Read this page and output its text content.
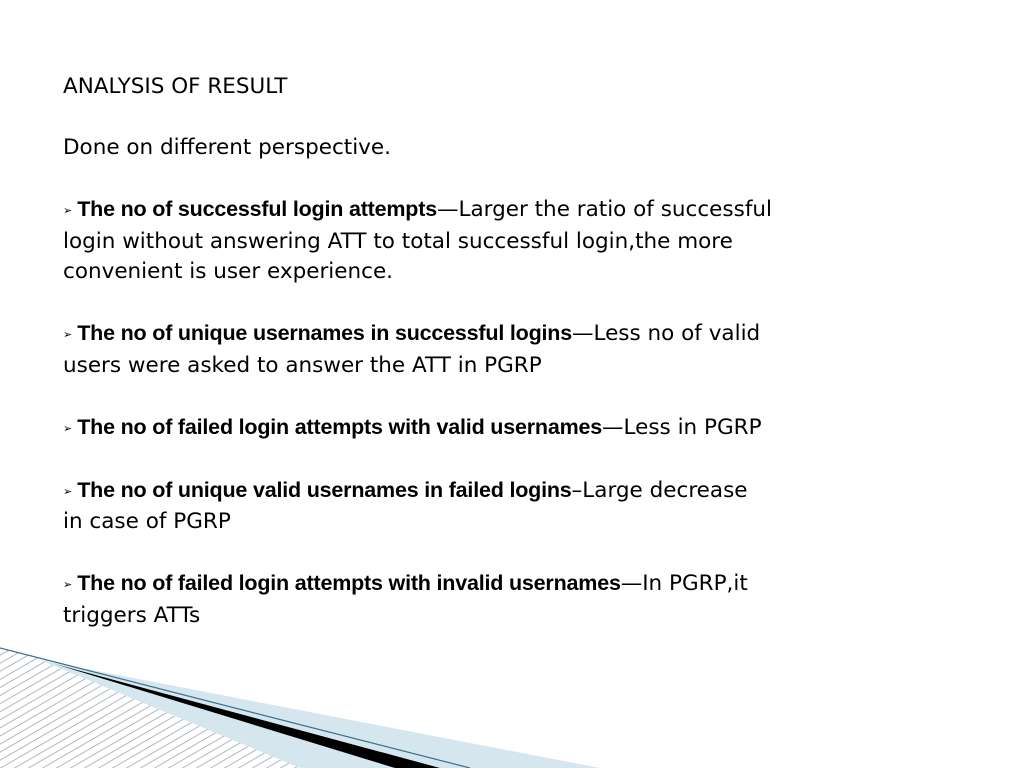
ANALYSIS OF RESULT

Done on different perspective.

➢ The no of successful login attempts—Larger the ratio of successful

login without answering ATT to total successful login,the more

convenient is user experience.

➢ The no of unique usernames in successful logins—Less no of valid

users were asked to answer the ATT in PGRP

➢ The no of failed login attempts with valid usernames—Less in PGRP

➢ The no of unique valid usernames in failed logins–Large decrease

in case of PGRP

➢ The no of failed login attempts with invalid usernames—In PGRP,it

triggers ATTs
